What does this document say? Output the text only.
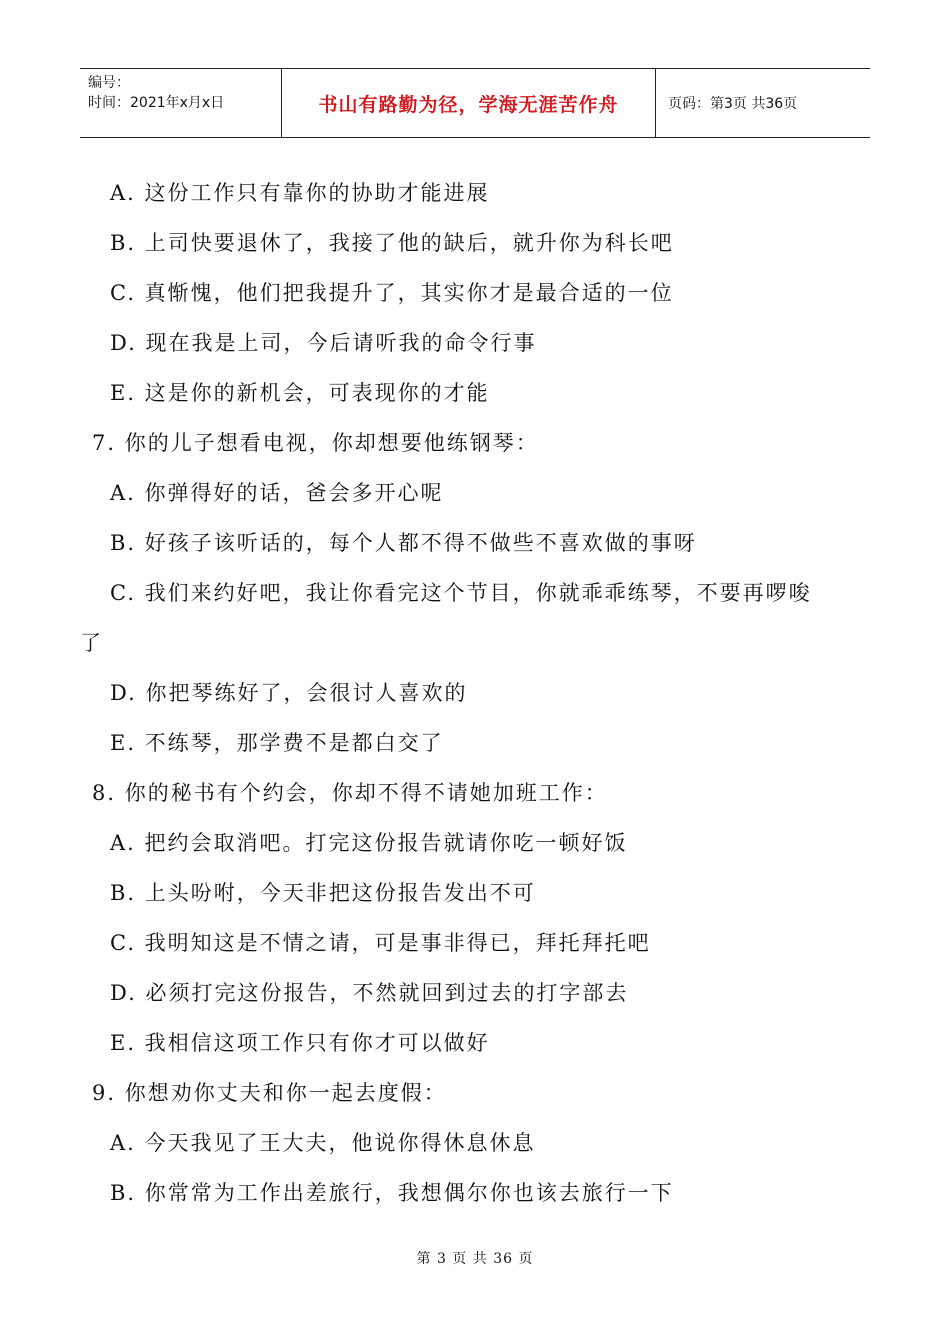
编号：
时间：2021年x月x日	书山有路勤为径，学海无涯苦作舟	页码：第3页 共36页
A. 这份工作只有靠你的协助才能进展
B. 上司快要退休了，我接了他的缺后，就升你为科长吧
C. 真惭愧，他们把我提升了，其实你才是最合适的一位
D. 现在我是上司，今后请听我的命令行事
E. 这是你的新机会，可表现你的才能
7. 你的儿子想看电视，你却想要他练钢琴：
A. 你弹得好的话，爸会多开心呢
B. 好孩子该听话的，每个人都不得不做些不喜欢做的事呀
C. 我们来约好吧，我让你看完这个节目，你就乖乖练琴，不要再啰唆
了
D. 你把琴练好了，会很讨人喜欢的
E. 不练琴，那学费不是都白交了
8. 你的秘书有个约会，你却不得不请她加班工作：
A. 把约会取消吧。打完这份报告就请你吃一顿好饭
B. 上头吩咐，今天非把这份报告发出不可
C. 我明知这是不情之请，可是事非得已，拜托拜托吧
D. 必须打完这份报告，不然就回到过去的打字部去
E. 我相信这项工作只有你才可以做好
9. 你想劝你丈夫和你一起去度假：
A. 今天我见了王大夫，他说你得休息休息
B. 你常常为工作出差旅行，我想偶尔你也该去旅行一下
第 3 页 共 36 页
